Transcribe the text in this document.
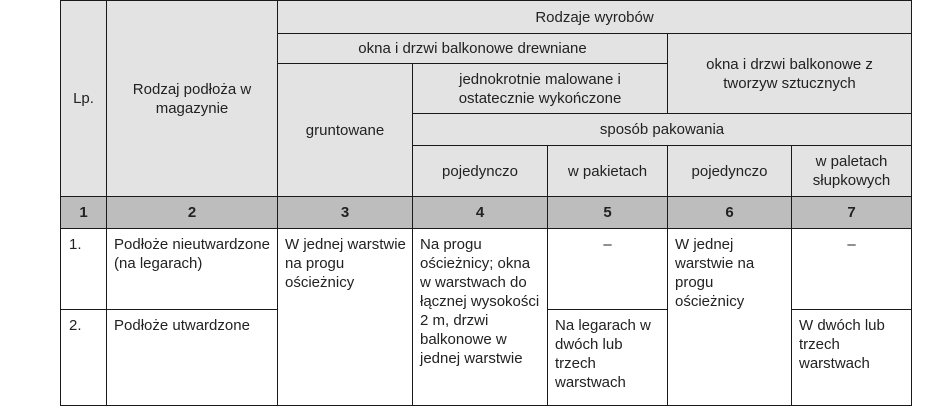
Lp.	Rodzaj podłoża w magazynie	Rodzaje wyrobów				
		okna i drzwi balkonowe drewniane			okna i drzwi balkonowe z tworzyw sztucznych	
		gruntowane	jednokrotnie malowane i ostatecznie wykończone			
			sposób pakowania			
			pojedynczo	w pakietach	pojedynczo	w paletach słupkowych
1	2	3	4	5	6	7
1.	Podłoże nieutwardzone (na legarach)	W jednej warstwie na progu ościeżnicy	Na progu ościeżnicy; okna w warstwach do łącznej wysokości 2 m, drzwi balkonowe w jednej warstwie	–	W jednej warstwie na progu ościeżnicy	–
2.	Podłoże utwardzone			Na legarach w dwóch lub trzech warstwach		W dwóch lub trzech warstwach
